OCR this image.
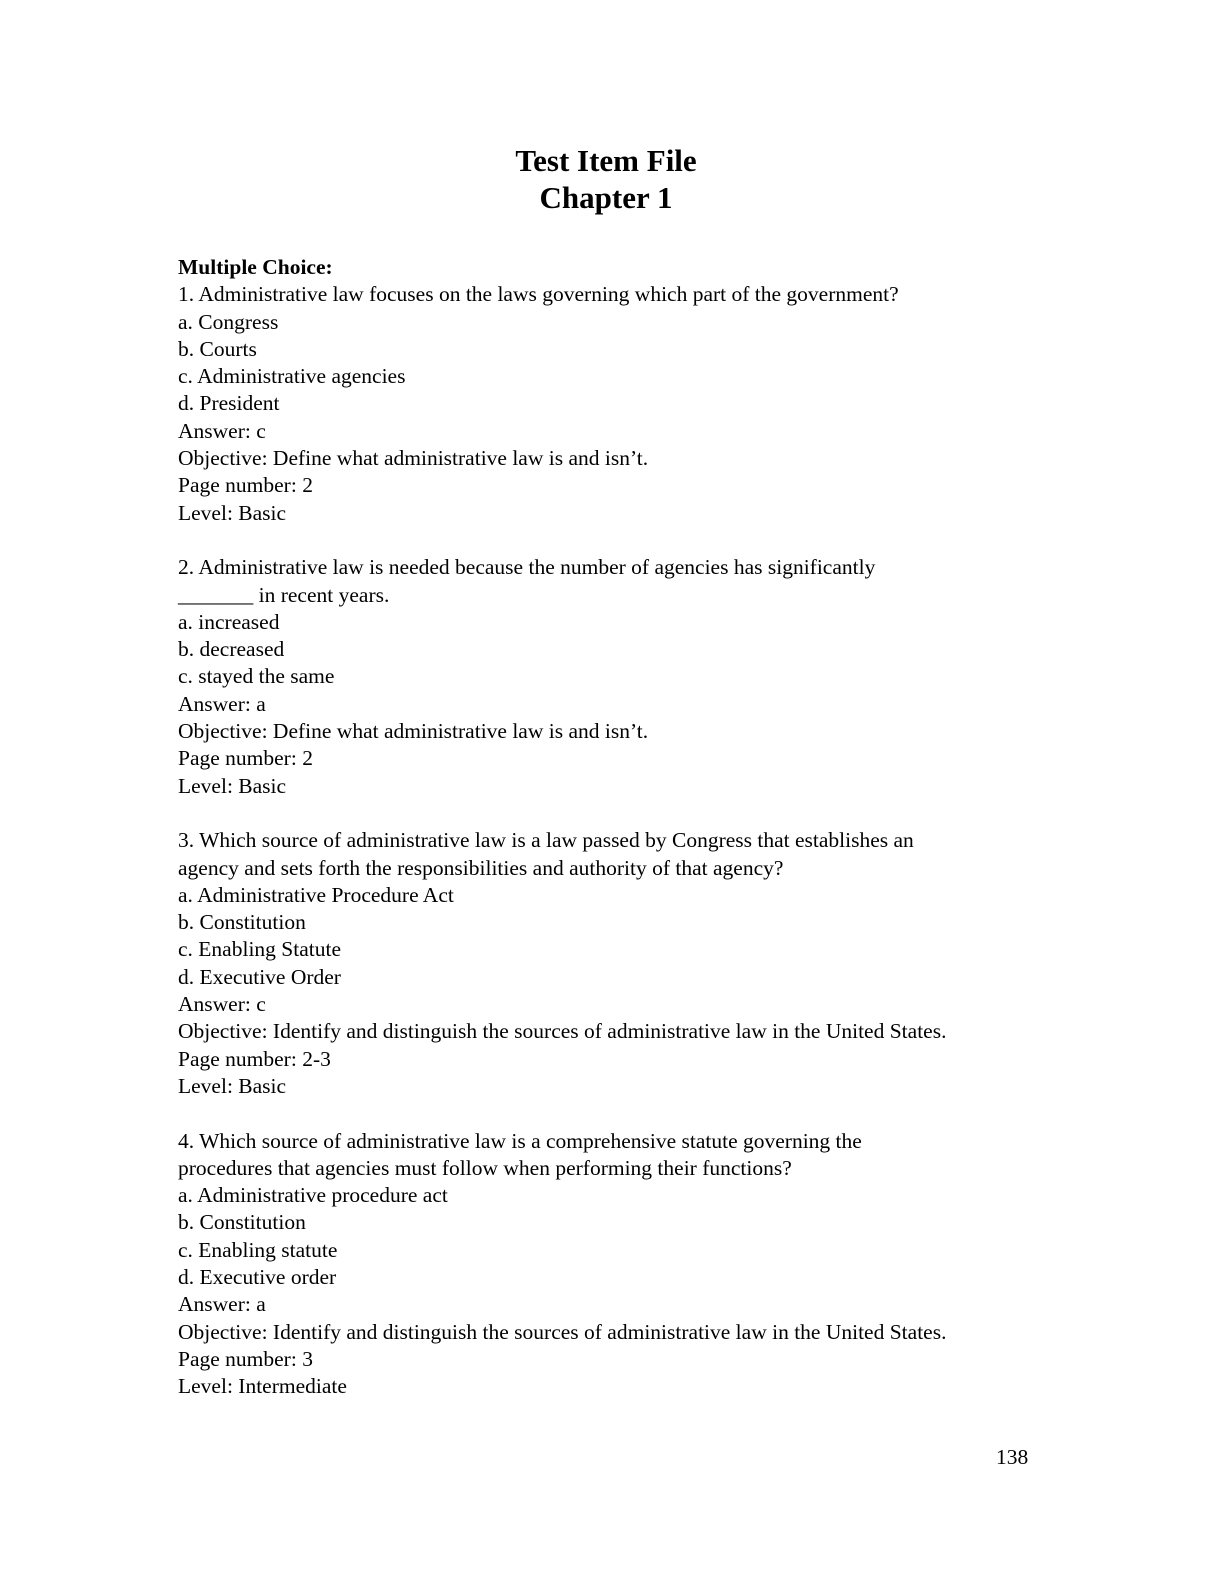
Test Item File
Chapter 1
Multiple Choice:
1. Administrative law focuses on the laws governing which part of the government?
a. Congress
b. Courts
c. Administrative agencies
d. President
Answer: c
Objective: Define what administrative law is and isn’t.
Page number: 2
Level: Basic
2. Administrative law is needed because the number of agencies has significantly
_______ in recent years.
a. increased
b. decreased
c. stayed the same
Answer: a
Objective: Define what administrative law is and isn’t.
Page number: 2
Level: Basic
3. Which source of administrative law is a law passed by Congress that establishes an
agency and sets forth the responsibilities and authority of that agency?
a. Administrative Procedure Act
b. Constitution
c. Enabling Statute
d. Executive Order
Answer: c
Objective: Identify and distinguish the sources of administrative law in the United States.
Page number: 2-3
Level: Basic
4. Which source of administrative law is a comprehensive statute governing the
procedures that agencies must follow when performing their functions?
a. Administrative procedure act
b. Constitution
c. Enabling statute
d. Executive order
Answer: a
Objective: Identify and distinguish the sources of administrative law in the United States.
Page number: 3
Level: Intermediate
138
